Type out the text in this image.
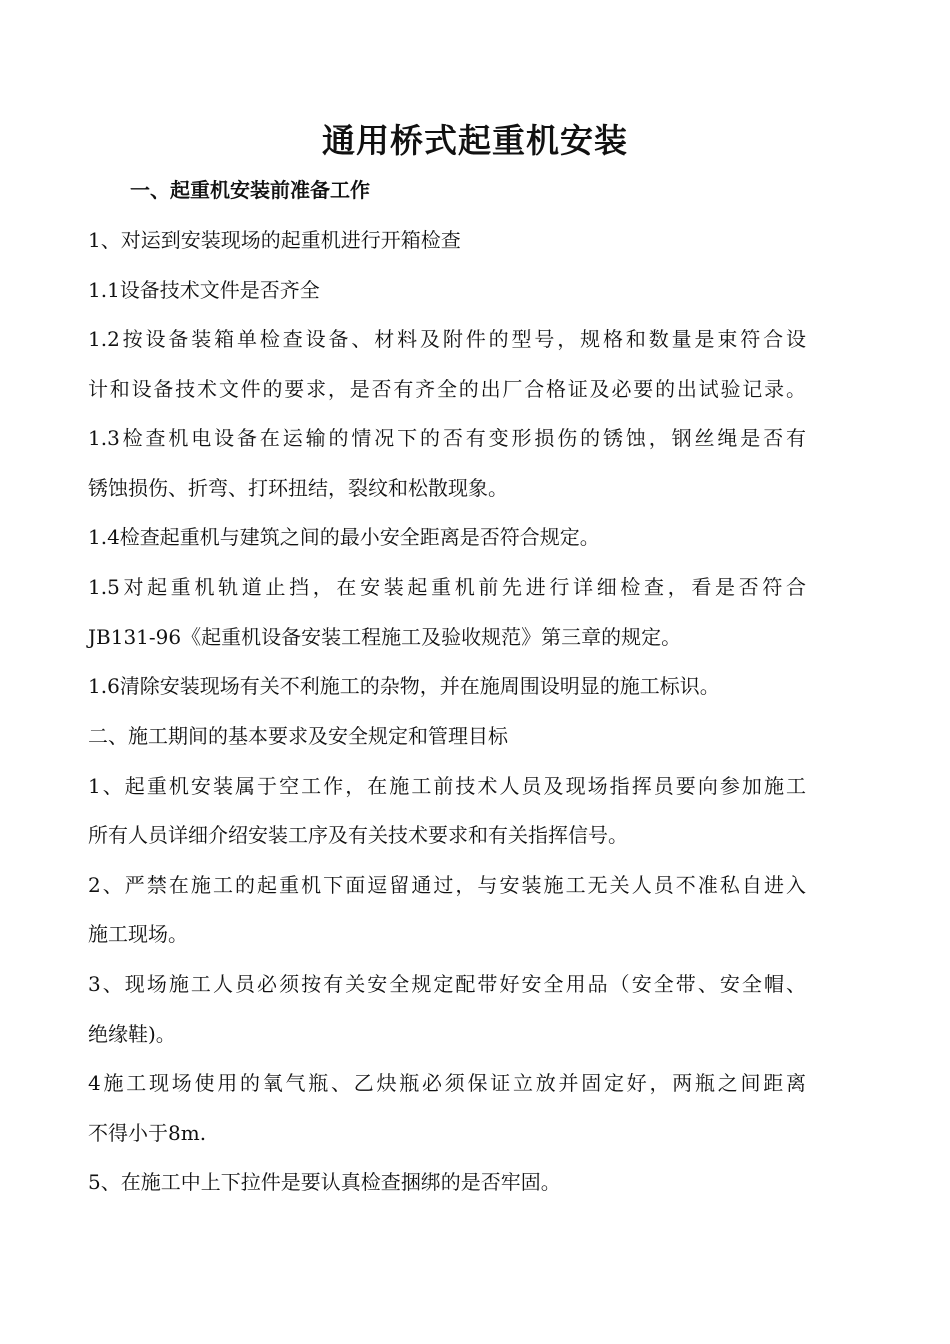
通用桥式起重机安装
一、起重机安装前准备工作
1、对运到安装现场的起重机进行开箱检查
1.1设备技术文件是否齐全
1.2按设备装箱单检查设备、材料及附件的型号，规格和数量是束符合设
计和设备技术文件的要求，是否有齐全的出厂合格证及必要的出试验记录。
1.3检查机电设备在运输的情况下的否有变形损伤的锈蚀，钢丝绳是否有
锈蚀损伤、折弯、打环扭结，裂纹和松散现象。
1.4检查起重机与建筑之间的最小安全距离是否符合规定。
1.5对起重机轨道止挡，在安装起重机前先进行详细检查，看是否符合
JB131-96《起重机设备安装工程施工及验收规范》第三章的规定。
1.6清除安装现场有关不利施工的杂物，并在施周围设明显的施工标识。
二、施工期间的基本要求及安全规定和管理目标
1、起重机安装属于空工作，在施工前技术人员及现场指挥员要向参加施工
所有人员详细介绍安装工序及有关技术要求和有关指挥信号。
2、严禁在施工的起重机下面逗留通过，与安装施工无关人员不准私自进入
施工现场。
3、现场施工人员必须按有关安全规定配带好安全用品（安全带、安全帽、
绝缘鞋)。
4施工现场使用的氧气瓶、乙炔瓶必须保证立放并固定好，两瓶之间距离
不得小于8m.
5、在施工中上下拉件是要认真检查捆绑的是否牢固。
